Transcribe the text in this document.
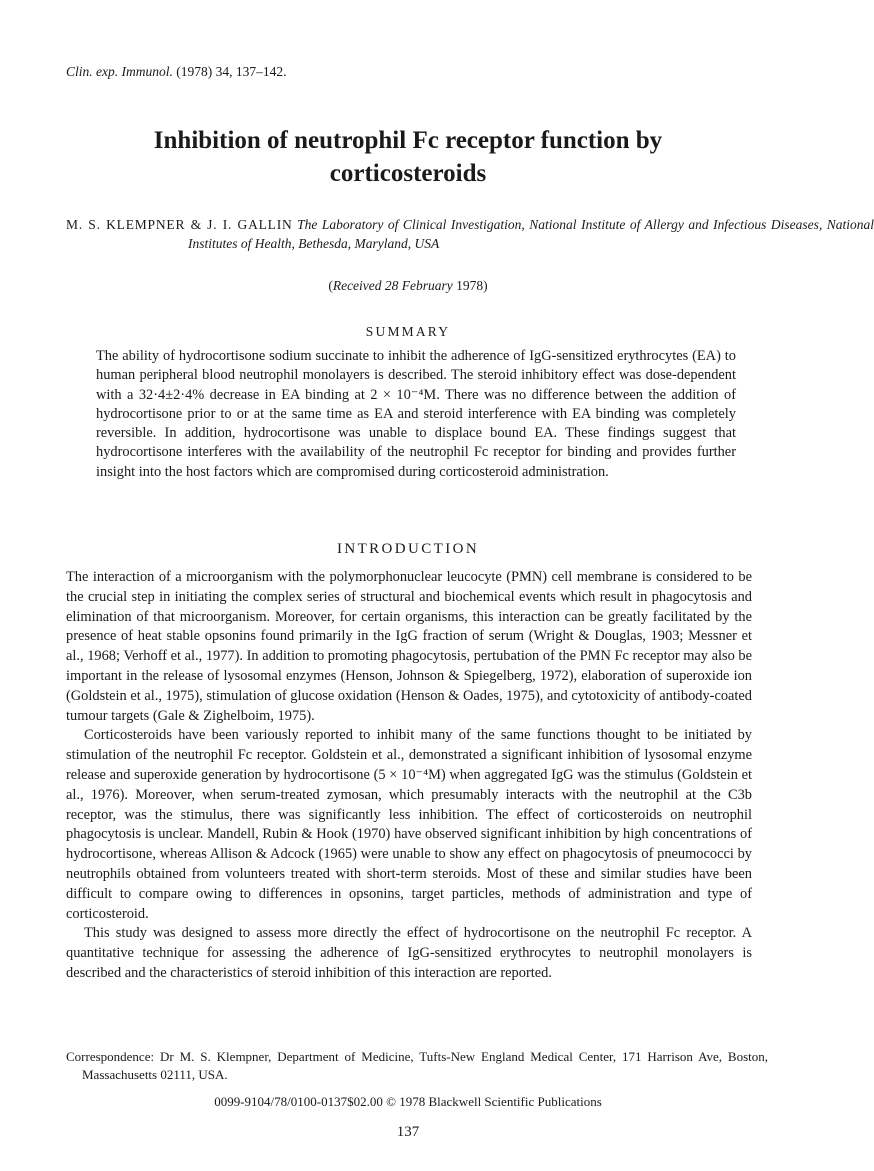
Clin. exp. Immunol. (1978) 34, 137–142.
Inhibition of neutrophil Fc receptor function by corticosteroids
M. S. KLEMPNER & J. I. GALLIN The Laboratory of Clinical Investigation, National Institute of Allergy and Infectious Diseases, National Institutes of Health, Bethesda, Maryland, USA
(Received 28 February 1978)
SUMMARY
The ability of hydrocortisone sodium succinate to inhibit the adherence of IgG-sensitized erythrocytes (EA) to human peripheral blood neutrophil monolayers is described. The steroid inhibitory effect was dose-dependent with a 32·4±2·4% decrease in EA binding at 2 × 10⁻⁴M. There was no difference between the addition of hydrocortisone prior to or at the same time as EA and steroid interference with EA binding was completely reversible. In addition, hydrocortisone was unable to displace bound EA. These findings suggest that hydrocortisone interferes with the availability of the neutrophil Fc receptor for binding and provides further insight into the host factors which are compromised during corticosteroid administration.
INTRODUCTION

The interaction of a microorganism with the polymorphonuclear leucocyte (PMN) cell membrane is considered to be the crucial step in initiating the complex series of structural and biochemical events which result in phagocytosis and elimination of that microorganism. Moreover, for certain organisms, this interaction can be greatly facilitated by the presence of heat stable opsonins found primarily in the IgG fraction of serum (Wright & Douglas, 1903; Messner et al., 1968; Verhoff et al., 1977). In addition to promoting phagocytosis, pertubation of the PMN Fc receptor may also be important in the release of lysosomal enzymes (Henson, Johnson & Spiegelberg, 1972), elaboration of superoxide ion (Goldstein et al., 1975), stimulation of glucose oxidation (Henson & Oades, 1975), and cytotoxicity of antibody-coated tumour targets (Gale & Zighelboim, 1975).

Corticosteroids have been variously reported to inhibit many of the same functions thought to be initiated by stimulation of the neutrophil Fc receptor. Goldstein et al., demonstrated a significant inhibition of lysosomal enzyme release and superoxide generation by hydrocortisone (5 × 10⁻⁴M) when aggregated IgG was the stimulus (Goldstein et al., 1976). Moreover, when serum-treated zymosan, which presumably interacts with the neutrophil at the C3b receptor, was the stimulus, there was significantly less inhibition. The effect of corticosteroids on neutrophil phagocytosis is unclear. Mandell, Rubin & Hook (1970) have observed significant inhibition by high concentrations of hydrocortisone, whereas Allison & Adcock (1965) were unable to show any effect on phagocytosis of pneumococci by neutrophils obtained from volunteers treated with short-term steroids. Most of these and similar studies have been difficult to compare owing to differences in opsonins, target particles, methods of administration and type of corticosteroid.

This study was designed to assess more directly the effect of hydrocortisone on the neutrophil Fc receptor. A quantitative technique for assessing the adherence of IgG-sensitized erythrocytes to neutrophil monolayers is described and the characteristics of steroid inhibition of this interaction are reported.

Correspondence: Dr M. S. Klempner, Department of Medicine, Tufts-New England Medical Center, 171 Harrison Ave, Boston, Massachusetts 02111, USA.
0099-9104/78/0100-0137$02.00 © 1978 Blackwell Scientific Publications
137
